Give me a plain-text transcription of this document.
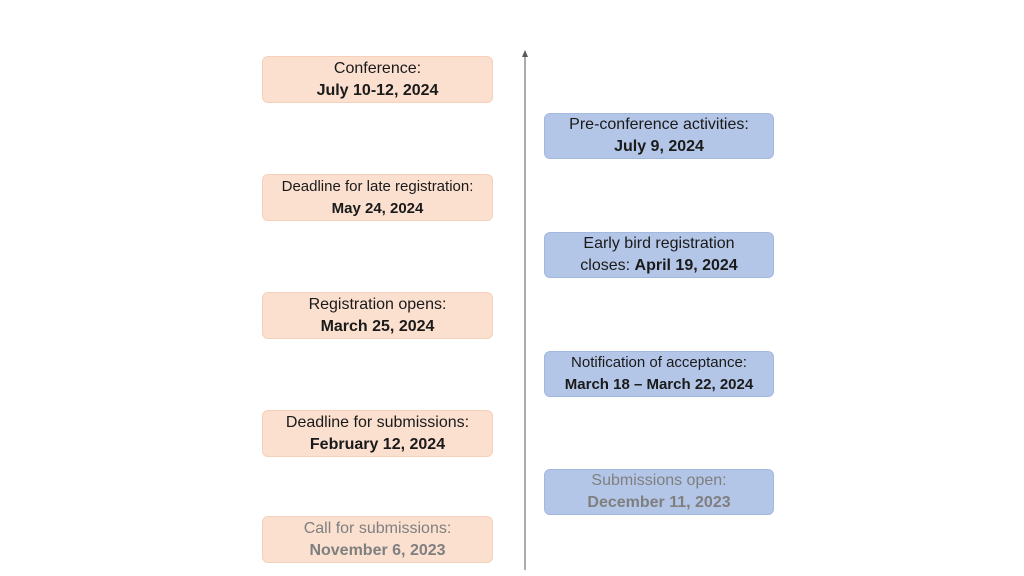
Conference:
July 10-12, 2024
Deadline for late registration:
May 24, 2024
Registration opens:
March 25, 2024
Deadline for submissions:
February 12, 2024
Call for submissions:
November 6, 2023
Pre-conference activities:
July 9, 2024
Early bird registration
closes: April 19, 2024
Notification of acceptance:
March 18 – March 22, 2024
Submissions open:
December 11, 2023
